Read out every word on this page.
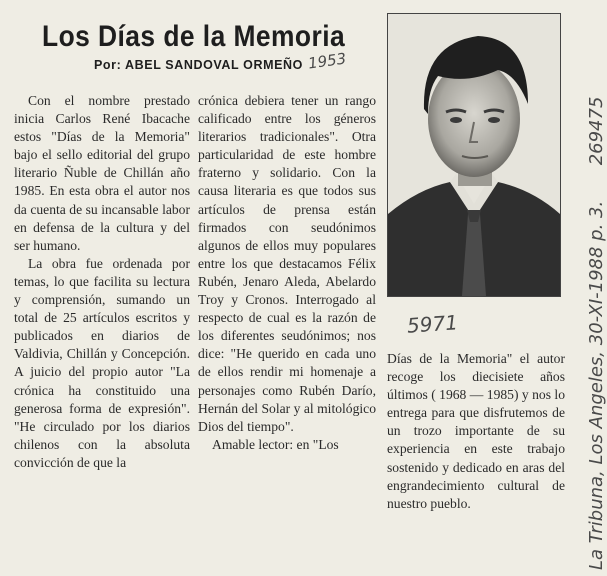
Los Días de la Memoria
Por: ABEL SANDOVAL ORMEÑO

Con el nombre prestado inicia Carlos René Ibacache estos "Días de la Memoria" bajo el sello editorial del grupo literario Ñuble de Chillán año 1985. En esta obra el autor nos da cuenta de su incansable labor en defensa de la cultura y del ser humano.

La obra fue ordenada por temas, lo que facilita su lectura y comprensión, sumando un total de 25 artículos escritos y publicados en diarios de Valdivia, Chillán y Concepción. A juicio del propio autor "La crónica ha constituido una generosa forma de expresión". "He circulado por los diarios chilenos con la absoluta convicción de que la

crónica debiera tener un rango calificado entre los géneros literarios tradicionales". Otra particularidad de este hombre fraterno y solidario. Con la causa literaria es que todos sus artículos de prensa están firmados con seudónimos algunos de ellos muy populares entre los que destacamos Félix Rubén, Jenaro Aleda, Abelardo Troy y Cronos. Interrogado al respecto de cual es la razón de los diferentes seudónimos; nos dice: "He querido en cada uno de ellos rendir mi homenaje a personajes como Rubén Darío, Hernán del Solar y al mitológico Dios del tiempo".

Amable lector: en "Los

Días de la Memoria" el autor recoge los diecisiete años últimos ( 1968 — 1985) y nos lo entrega para que disfrutemos de un trozo importante de su experiencia en este trabajo sostenido y dedicado en aras del engrandecimiento cultural de nuestro pueblo.

1953
5971	La Tribuna, Los Angeles, 30-XI-1988 p. 3.  269475
